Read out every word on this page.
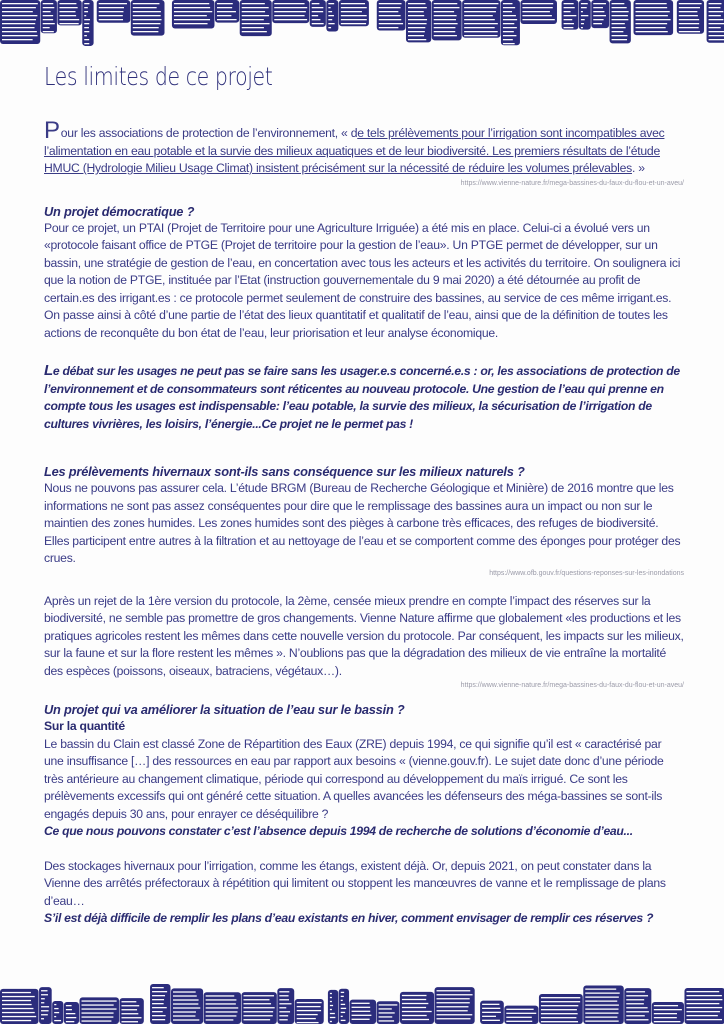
Les limites de ce projet

Pour les associations de protection de l’environnement, « de tels prélèvements pour l’irrigation sont incompatibles avec l’alimentation en eau potable et la survie des milieux aquatiques et de leur biodiversité. Les premiers résultats de l’étude HMUC (Hydrologie Milieu Usage Climat) insistent précisément sur la nécessité de réduire les volumes prélevables. »

https://www.vienne-nature.fr/mega-bassines-du-faux-du-flou-et-un-aveu/
Un projet démocratique ?

Pour ce projet, un PTAI (Projet de Territoire pour une Agriculture Irriguée) a été mis en place. Celui-ci a évolué vers un «protocole faisant office de PTGE (Projet de territoire pour la gestion de l’eau». Un PTGE permet de développer, sur un bassin, une stratégie de gestion de l’eau, en concertation avec tous les acteurs et les activités du territoire. On soulignera ici que la notion de PTGE, instituée par l’Etat (instruction gouvernementale du 9 mai 2020) a été détournée au profit de certain.es des irrigant.es : ce protocole permet seulement de construire des bassines, au service de ces même irrigant.es.

On passe ainsi à côté d’une partie de l’état des lieux quantitatif et qualitatif de l’eau, ainsi que de la définition de toutes les actions de reconquête du bon état de l’eau, leur priorisation et leur analyse économique.

Le débat sur les usages ne peut pas se faire sans les usager.e.s concerné.e.s : or, les associations de protection de l’environnement et de consommateurs sont réticentes au nouveau protocole. Une gestion de l’eau qui prenne en compte tous les usages est indispensable: l’eau potable, la survie des milieux, la sécurisation de l’irrigation de cultures vivrières, les loisirs, l’énergie...Ce projet ne le permet pas !

Les prélèvements hivernaux sont-ils sans conséquence sur les milieux naturels ?

Nous ne pouvons pas assurer cela. L’étude BRGM (Bureau de Recherche Géologique et Minière) de 2016 montre que les informations ne sont pas assez conséquentes pour dire que le remplissage des bassines aura un impact ou non sur le maintien des zones humides. Les zones humides sont des pièges à carbone très efficaces, des refuges de biodiversité. Elles participent entre autres à la filtration et au nettoyage de l’eau et se comportent comme des éponges pour protéger des crues.

https://www.ofb.gouv.fr/questions-reponses-sur-les-inondations

Après un rejet de la 1ère version du protocole, la 2ème, censée mieux prendre en compte l’impact des réserves sur la biodiversité, ne semble pas promettre de gros changements. Vienne Nature affirme que globalement «les productions et les pratiques agricoles restent les mêmes dans cette nouvelle version du protocole. Par conséquent, les impacts sur les milieux, sur la faune et sur la flore restent les mêmes ». N’oublions pas que la dégradation des milieux de vie entraîne la mortalité des espèces (poissons, oiseaux, batraciens, végétaux…).

https://www.vienne-nature.fr/mega-bassines-du-faux-du-flou-et-un-aveu/
Un projet qui va améliorer la situation de l’eau sur le bassin ?

Sur la quantité

Le bassin du Clain est classé Zone de Répartition des Eaux (ZRE) depuis 1994, ce qui signifie qu’il est « caractérisé par une insuffisance […] des ressources en eau par rapport aux besoins « (vienne.gouv.fr). Le sujet date donc d’une période très antérieure au changement climatique, période qui correspond au développement du maïs irrigué. Ce sont les prélèvements excessifs qui ont généré cette situation. A quelles avancées les défenseurs des méga-bassines se sont-ils engagés depuis 30 ans, pour enrayer ce déséquilibre ?

Ce que nous pouvons constater c’est l’absence depuis 1994 de recherche de solutions d’économie d’eau...

Des stockages hivernaux pour l’irrigation, comme les étangs, existent déjà. Or, depuis 2021, on peut constater dans la Vienne des arrêtés préfectoraux à répétition qui limitent ou stoppent les manœuvres de vanne et le remplissage de plans d’eau…

S’il est déjà difficile de remplir les plans d’eau existants en hiver, comment envisager de remplir ces réserves ?
